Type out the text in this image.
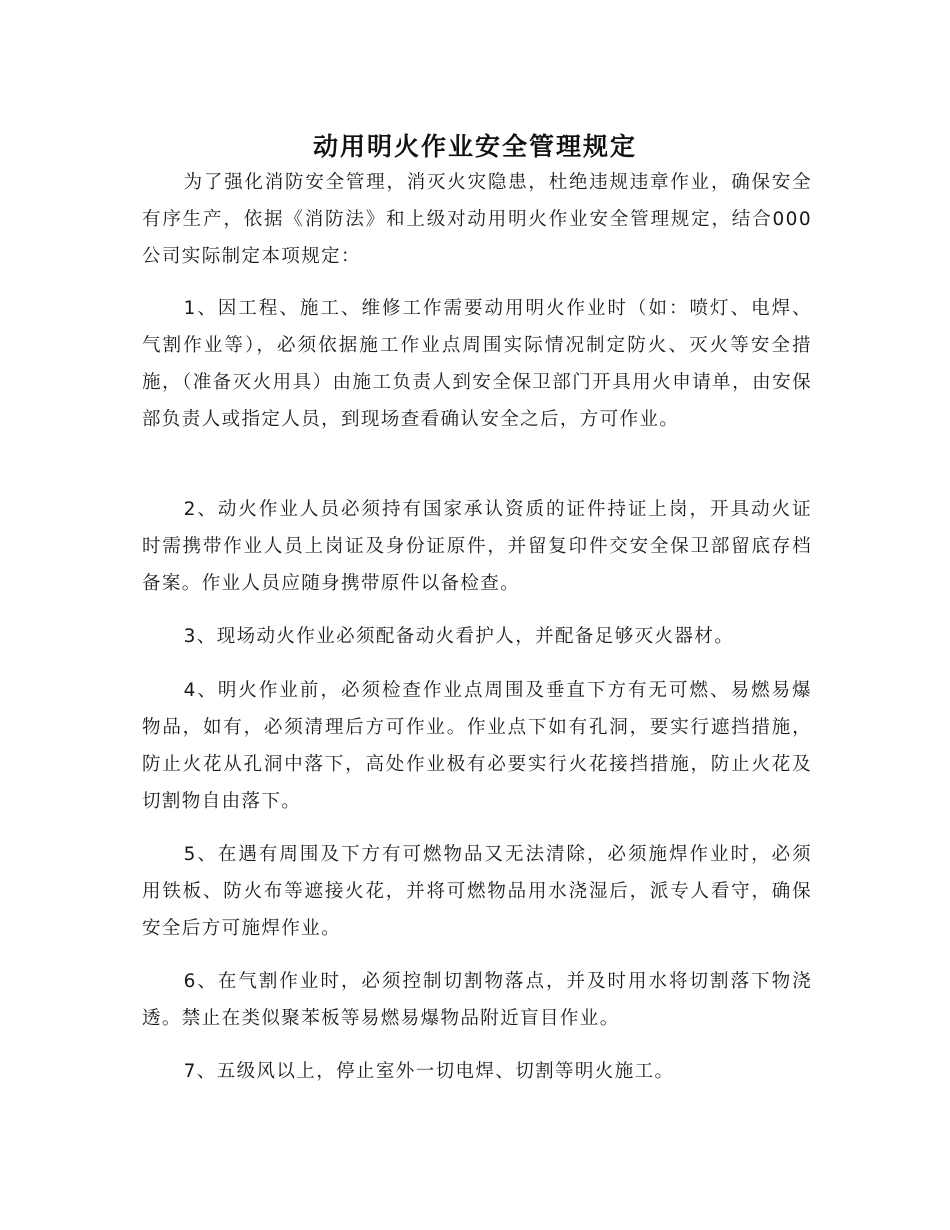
动用明火作业安全管理规定

为了强化消防安全管理，消灭火灾隐患，杜绝违规违章作业，确保安全有序生产，依据《消防法》和上级对动用明火作业安全管理规定，结合000公司实际制定本项规定：

1、因工程、施工、维修工作需要动用明火作业时（如：喷灯、电焊、气割作业等），必须依据施工作业点周围实际情况制定防火、灭火等安全措施，（准备灭火用具）由施工负责人到安全保卫部门开具用火申请单，由安保部负责人或指定人员，到现场查看确认安全之后，方可作业。

2、动火作业人员必须持有国家承认资质的证件持证上岗，开具动火证时需携带作业人员上岗证及身份证原件，并留复印件交安全保卫部留底存档备案。作业人员应随身携带原件以备检查。

3、现场动火作业必须配备动火看护人，并配备足够灭火器材。

4、明火作业前，必须检查作业点周围及垂直下方有无可燃、易燃易爆物品，如有，必须清理后方可作业。作业点下如有孔洞，要实行遮挡措施，防止火花从孔洞中落下，高处作业极有必要实行火花接挡措施，防止火花及切割物自由落下。

5、在遇有周围及下方有可燃物品又无法清除，必须施焊作业时，必须用铁板、防火布等遮接火花，并将可燃物品用水浇湿后，派专人看守，确保安全后方可施焊作业。

6、在气割作业时，必须控制切割物落点，并及时用水将切割落下物浇透。禁止在类似聚苯板等易燃易爆物品附近盲目作业。

7、五级风以上，停止室外一切电焊、切割等明火施工。
